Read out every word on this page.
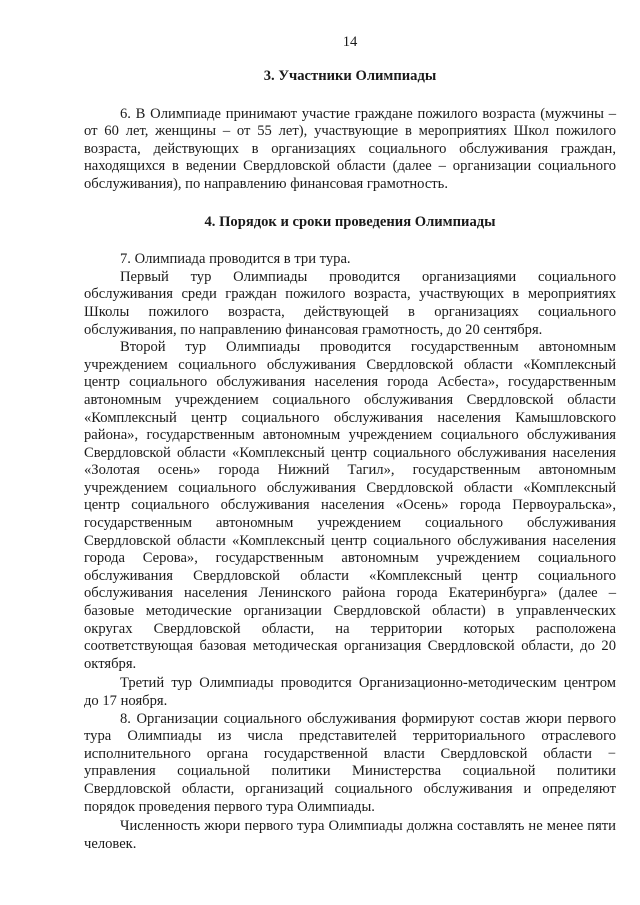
14

3. Участники Олимпиады

6. В Олимпиаде принимают участие граждане пожилого возраста (мужчины – от 60 лет, женщины – от 55 лет), участвующие в мероприятиях Школ пожилого возраста, действующих в организациях социального обслуживания граждан, находящихся в ведении Свердловской области (далее – организации социального обслуживания), по направлению финансовая грамотность.

4. Порядок и сроки проведения Олимпиады

7. Олимпиада проводится в три тура.

Первый тур Олимпиады проводится организациями социального обслуживания среди граждан пожилого возраста, участвующих в мероприятиях Школы пожилого возраста, действующей в организациях социального обслуживания, по направлению финансовая грамотность, до 20 сентября.

Второй тур Олимпиады проводится государственным автономным учреждением социального обслуживания Свердловской области «Комплексный центр социального обслуживания населения города Асбеста», государственным автономным учреждением социального обслуживания Свердловской области «Комплексный центр социального обслуживания населения Камышловского района», государственным автономным учреждением социального обслуживания Свердловской области «Комплексный центр социального обслуживания населения «Золотая осень» города Нижний Тагил», государственным автономным учреждением социального обслуживания Свердловской области «Комплексный центр социального обслуживания населения «Осень» города Первоуральска», государственным автономным учреждением социального обслуживания Свердловской области «Комплексный центр социального обслуживания населения города Серова», государственным автономным учреждением социального обслуживания Свердловской области «Комплексный центр социального обслуживания населения Ленинского района города Екатеринбурга» (далее – базовые методические организации Свердловской области) в управленческих округах Свердловской области, на территории которых расположена соответствующая базовая методическая организация Свердловской области, до 20 октября.

Третий тур Олимпиады проводится Организационно-методическим центром до 17 ноября.

8. Организации социального обслуживания формируют состав жюри первого тура Олимпиады из числа представителей территориального отраслевого исполнительного органа государственной власти Свердловской области − управления социальной политики Министерства социальной политики Свердловской области, организаций социального обслуживания и определяют порядок проведения первого тура Олимпиады.

Численность жюри первого тура Олимпиады должна составлять не менее пяти человек.
